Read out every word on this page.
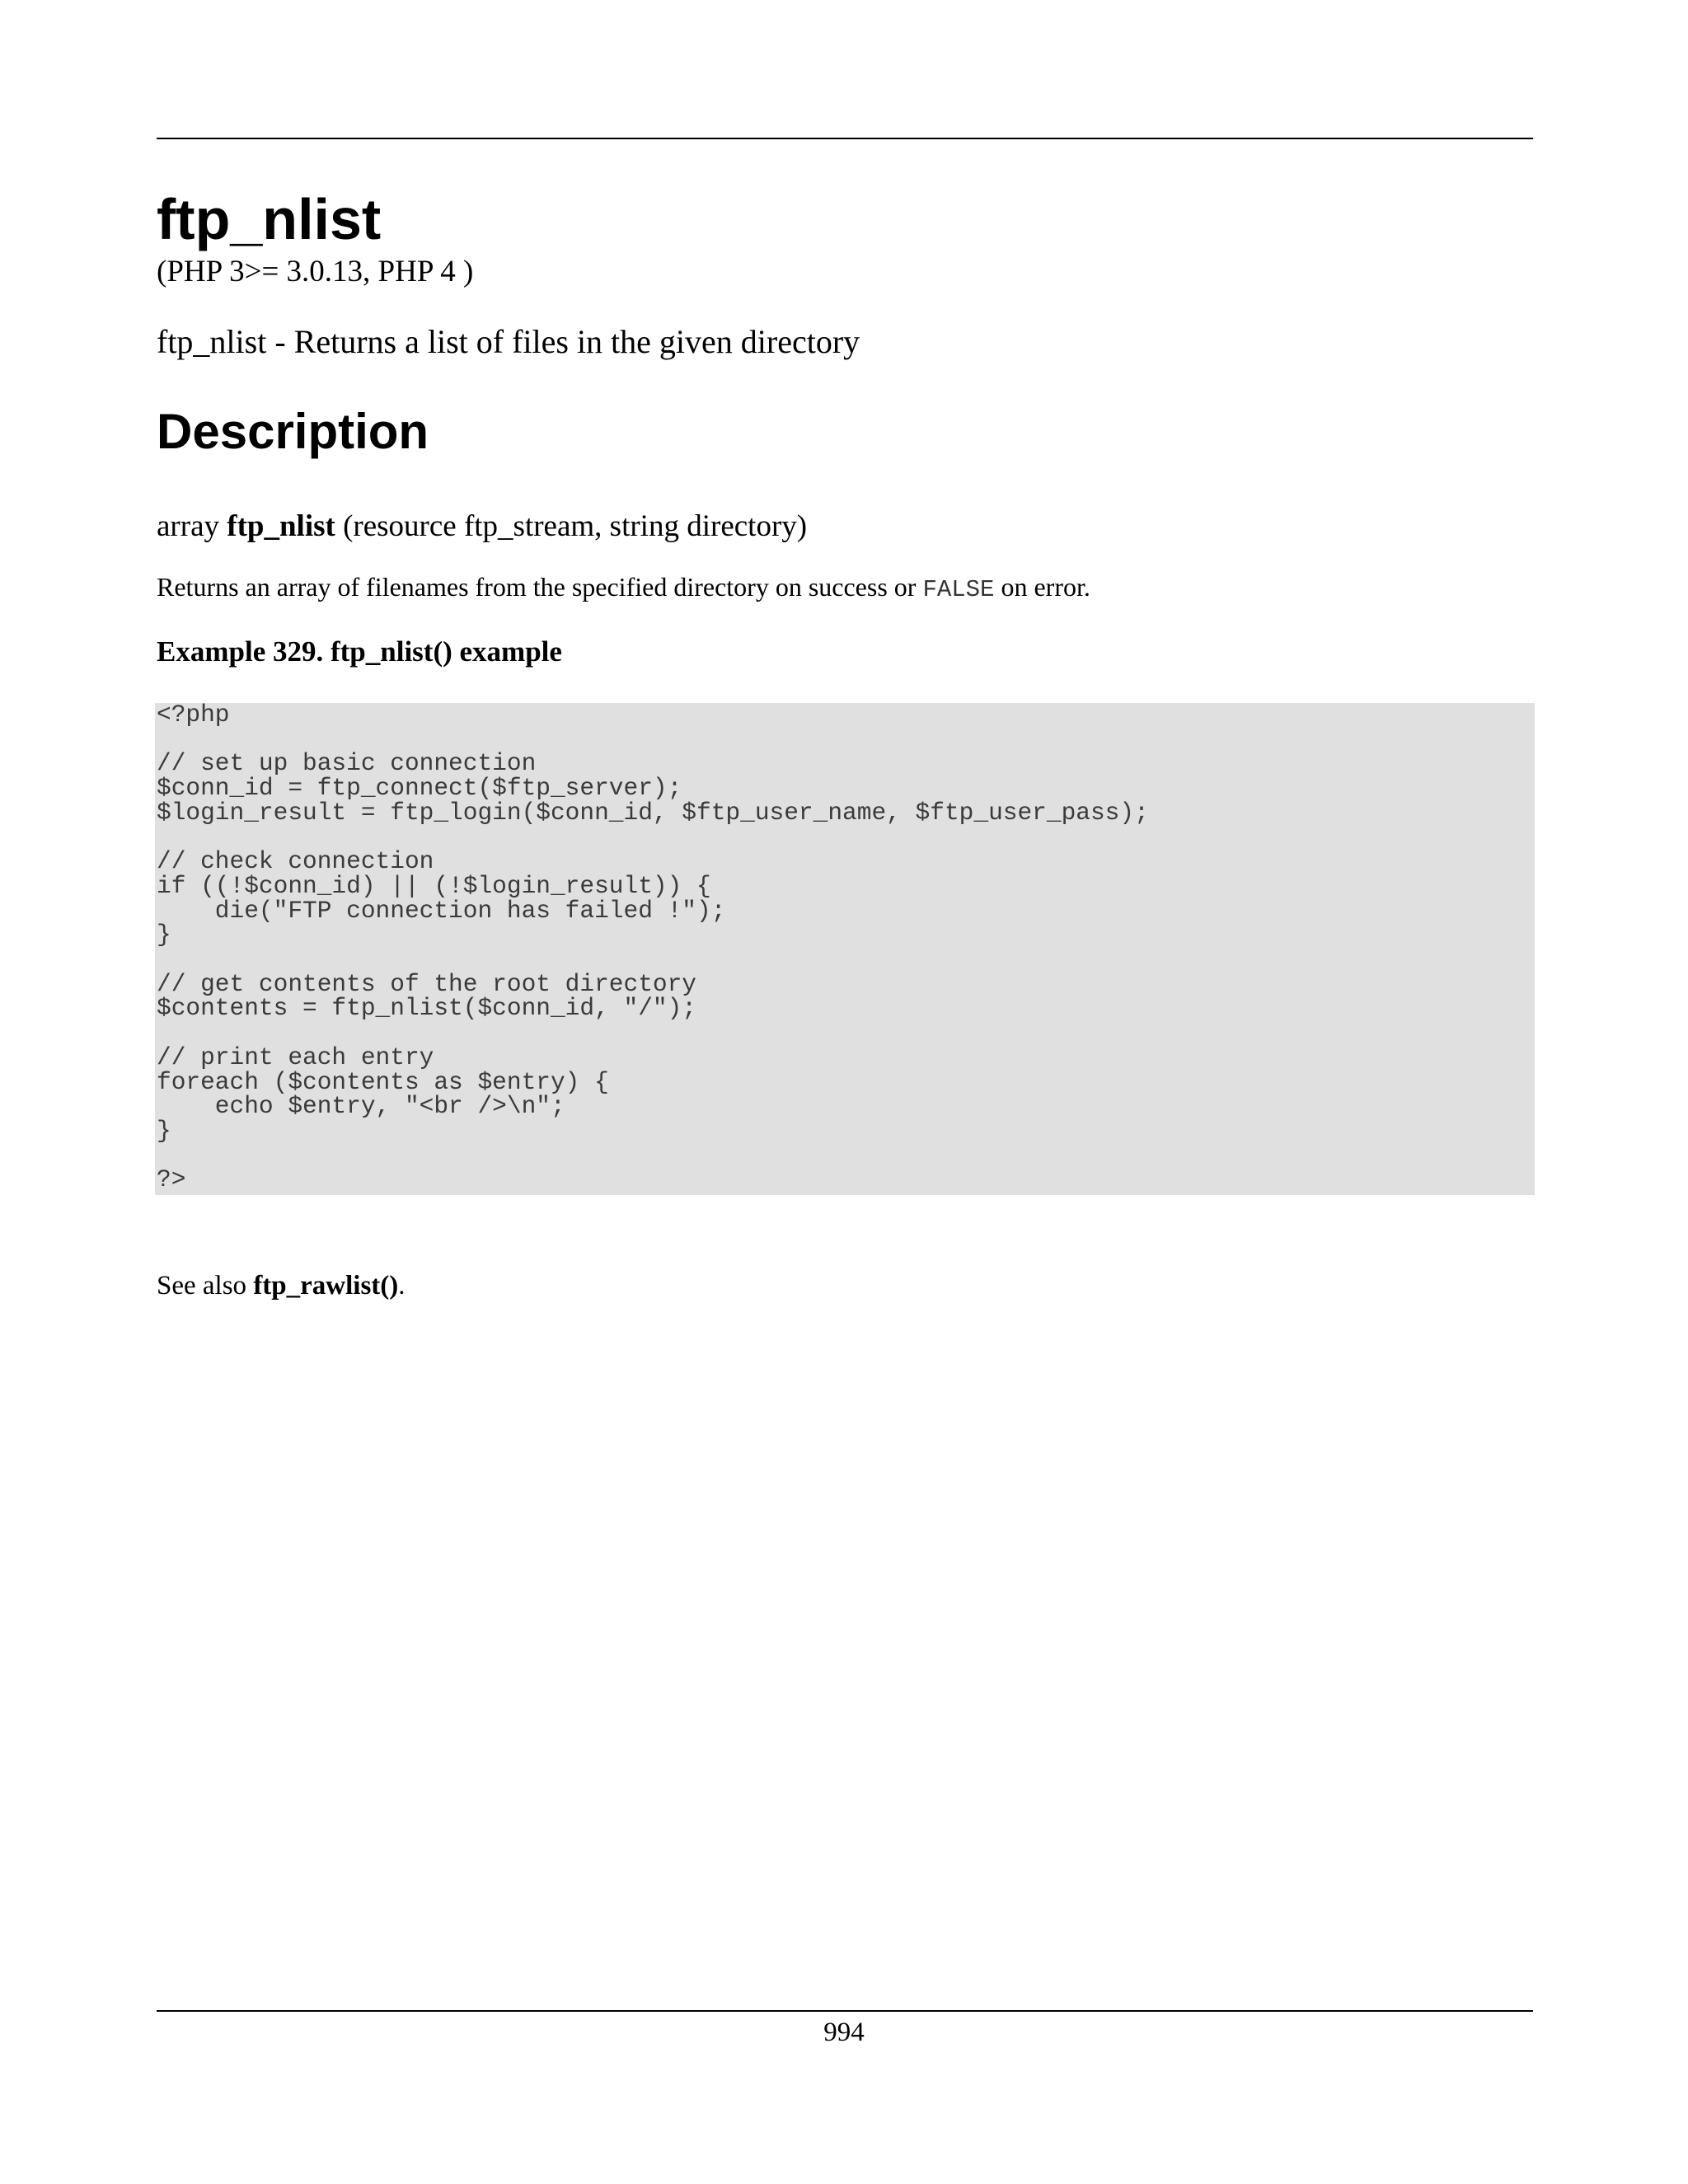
ftp_nlist
(PHP 3>= 3.0.13, PHP 4 )
ftp_nlist - Returns a list of files in the given directory
Description
array ftp_nlist (resource ftp_stream, string directory)
Returns an array of filenames from the specified directory on success or FALSE on error.
Example 329. ftp_nlist() example
<?php

// set up basic connection
$conn_id = ftp_connect($ftp_server);
$login_result = ftp_login($conn_id, $ftp_user_name, $ftp_user_pass);

// check connection
if ((!$conn_id) || (!$login_result)) {
die("FTP connection has failed !");
}

// get contents of the root directory
$contents = ftp_nlist($conn_id, "/");

// print each entry
foreach ($contents as $entry) {
echo $entry, "<br />\n";
}

?>
See also ftp_rawlist().
994
